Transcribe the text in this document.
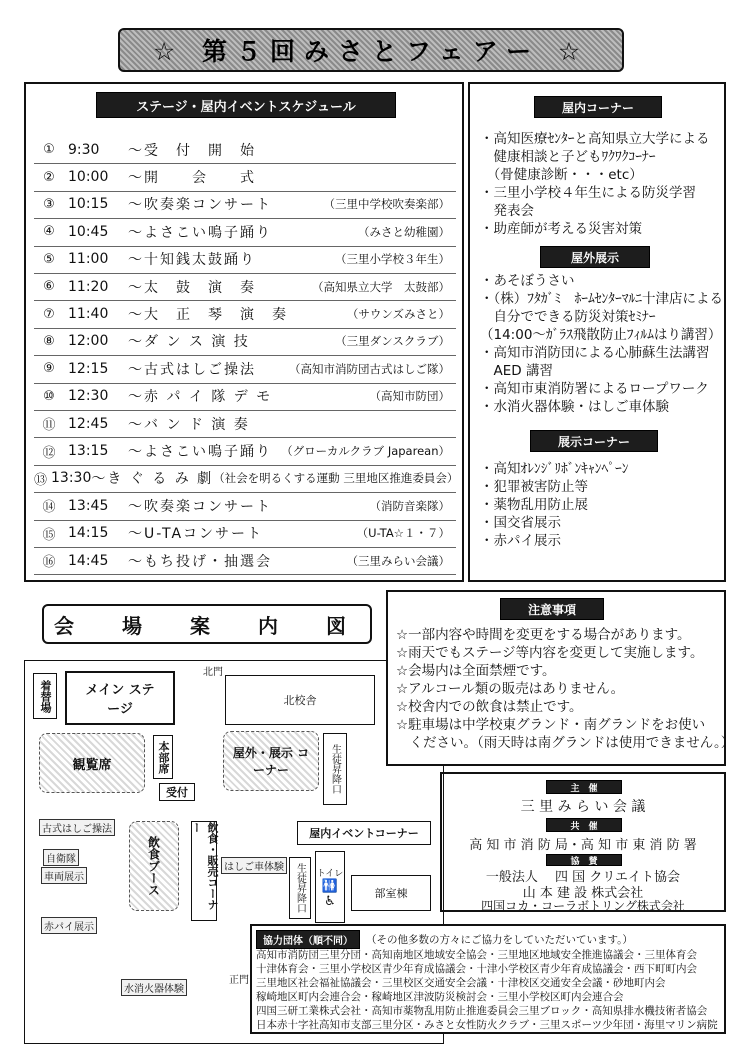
☆ 第５回みさとフェアー ☆
ステージ・屋内イベントスケジュール
① 9:30	～受　付　開　始
② 10:00	～開　　会　　式
③ 10:15	～吹奏楽コンサート	（三里中学校吹奏楽部）
④ 10:45	～よさこい鳴子踊り	（みさと幼稚園）
⑤ 11:00	～十知銭太鼓踊り	（三里小学校３年生）
⑥ 11:20	～太　鼓　演　奏	（高知県立大学　太鼓部）
⑦ 11:40	～大　正　琴　演　奏	（サウンズみさと）
⑧ 12:00	～ダ ン ス 演 技	（三里ダンスクラブ）
⑨ 12:15	～古式はしご操法	（高知市消防団古式はしご隊）
⑩ 12:30	～赤 パ イ 隊 デ モ	（高知市防団）
⑪ 12:45	～バ ン ド 演 奏
⑫ 13:15	～よさこい鳴子踊り （グローカルクラブ Japarean）
⑬ 13:30 ～き ぐ る み 劇 （社会を明るくする運動 三里地区推進委員会）
⑭ 13:45	～吹奏楽コンサート	（消防音楽隊）
⑮ 14:15	～U-TAコンサート	（U-TA☆１・７）
⑯ 14:45	～もち投げ・抽選会	（三里みらい会議）
屋内コーナー
・高知医療ｾﾝﾀｰと高知県立大学による
　健康相談と子どもﾜｸﾜｸｺｰﾅｰ
　（骨健康診断・・・etc）
・三里小学校４年生による防災学習
　発表会
・助産師が考える災害対策
屋外展示
・あそぼうさい
・（株）ﾌﾀｶﾞﾐ　ﾎｰﾑｾﾝﾀｰﾏﾙﾆ十津店による
　自分でできる防災対策ｾﾐﾅｰ
（14:00～ｶﾞﾗｽ飛散防止ﾌｨﾙﾑはり講習）
・高知市消防団による心肺蘇生法講習
　AED 講習
・高知市東消防署によるロープワーク
・水消火器体験・はしご車体験
展示コーナー
・高知ｵﾚﾝｼﾞﾘﾎﾞﾝｷｬﾝﾍﾟｰﾝ
・犯罪被害防止等
・薬物乱用防止展
・国交省展示
・赤パイ展示
会　場　案　内　図
着替場	メイン ステージ
観覧席	本部席
受付
北門
北校舎
屋外・展示 コーナー	生徒昇降口
飲食ブース	飲食・販売コーナー	屋内イベントコーナー
トイレ
🚻
♿
生徒昇降口	部室棟
古式はしご操法
自衛隊
車両展示
赤パイ展示
水消火器体験
はしご車体験
正門
注意事項
☆一部内容や時間を変更をする場合があります。
☆雨天でもステージ等内容を変更して実施します。
☆会場内は全面禁煙です。
☆アルコール類の販売はありません。
☆校舎内での飲食は禁止です。
☆駐車場は中学校東グランド・南グランドをお使い
　ください。（雨天時は南グランドは使用できません。）
主　催
三 里 み ら い 会 議
共　催
高 知 市 消 防 局・高 知 市 東 消 防 署
協　賛
一般法人　 四 国 クリエイト協会
山 本 建 設 株式会社
四国コカ・コーラボトリング株式会社
協力団体（順不同）	（その他多数の方々にご協力をしていただいています。）
高知市消防団三里分団・高知南地区地域安全協会・三里地区地域安全推進協議会・三里体育会
十津体育会・三里小学校区青少年育成協議会・十津小学校区青少年育成協議会・西下町町内会
三里地区社会福祉協議会・三里校区交通安全会議・十津校区交通安全会議・砂地町内会
稼崎地区町内会連合会・稼崎地区津波防災検討会・三里小学校区町内会連合会
四国三研工業株式会社・高知市薬物乱用防止推進委員会三里ブロック・高知県排水機技術者協会
日本赤十字社高知市支部三里分区・みさと女性防火クラブ・三里スポーツ少年団・海里マリン病院
